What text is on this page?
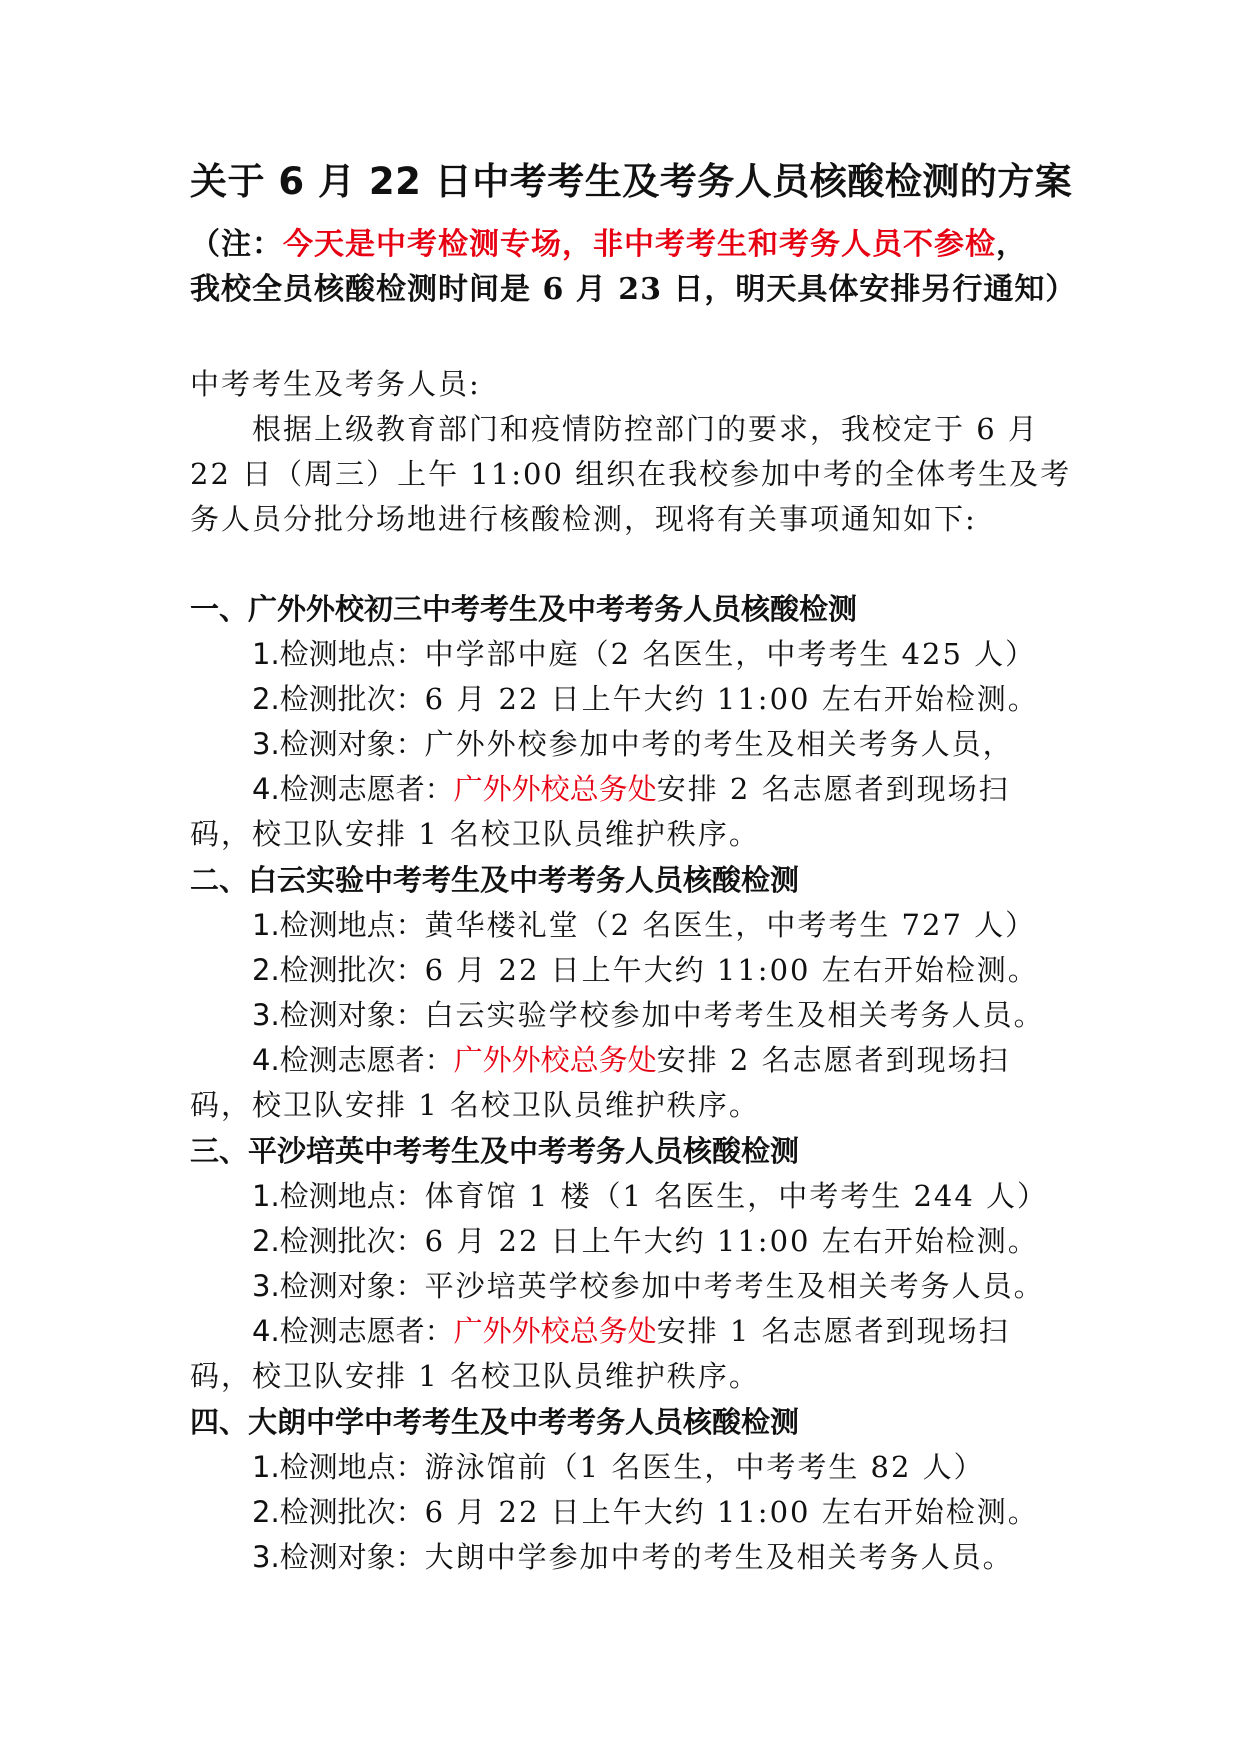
关于 6 月 22 日中考考生及考务人员核酸检测的方案
（注：今天是中考检测专场，非中考考生和考务人员不参检，
我校全员核酸检测时间是 6 月 23 日，明天具体安排另行通知）
中考考生及考务人员:
根据上级教育部门和疫情防控部门的要求，我校定于 6 月
22 日（周三）上午 11:00 组织在我校参加中考的全体考生及考
务人员分批分场地进行核酸检测，现将有关事项通知如下:
一、广外外校初三中考考生及中考考务人员核酸检测
1.检测地点：中学部中庭（2 名医生，中考考生 425 人）
2.检测批次：6 月 22 日上午大约 11:00 左右开始检测。
3.检测对象：广外外校参加中考的考生及相关考务人员，
4.检测志愿者：广外外校总务处安排 2 名志愿者到现场扫
码，校卫队安排 1 名校卫队员维护秩序。
二、白云实验中考考生及中考考务人员核酸检测
1.检测地点：黄华楼礼堂（2 名医生，中考考生 727 人）
2.检测批次：6 月 22 日上午大约 11:00 左右开始检测。
3.检测对象：白云实验学校参加中考考生及相关考务人员。
4.检测志愿者：广外外校总务处安排 2 名志愿者到现场扫
码，校卫队安排 1 名校卫队员维护秩序。
三、平沙培英中考考生及中考考务人员核酸检测
1.检测地点：体育馆 1 楼（1 名医生，中考考生 244 人）
2.检测批次：6 月 22 日上午大约 11:00 左右开始检测。
3.检测对象：平沙培英学校参加中考考生及相关考务人员。
4.检测志愿者：广外外校总务处安排 1 名志愿者到现场扫
码，校卫队安排 1 名校卫队员维护秩序。
四、大朗中学中考考生及中考考务人员核酸检测
1.检测地点：游泳馆前（1 名医生，中考考生 82 人）
2.检测批次：6 月 22 日上午大约 11:00 左右开始检测。
3.检测对象：大朗中学参加中考的考生及相关考务人员。
